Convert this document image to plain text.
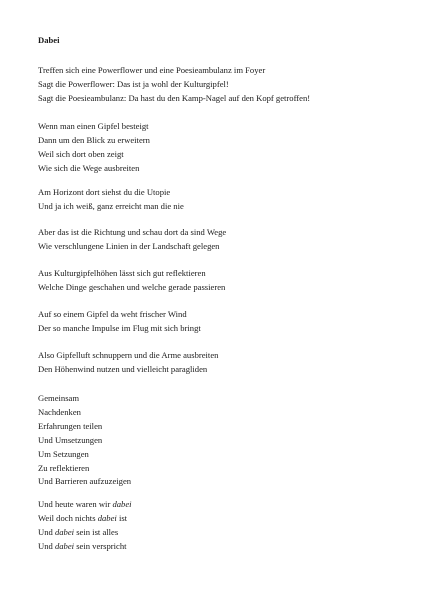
Dabei
Treffen sich eine Powerflower und eine Poesieambulanz im Foyer
Sagt die Powerflower: Das ist ja wohl der Kulturgipfel!
Sagt die Poesieambulanz: Da hast du den Kamp-Nagel auf den Kopf getroffen!
Wenn man einen Gipfel besteigt
Dann um den Blick zu erweitern
Weil sich dort oben zeigt
Wie sich die Wege ausbreiten
Am Horizont dort siehst du die Utopie
Und ja ich weiß, ganz erreicht man die nie
Aber das ist die Richtung und schau dort da sind Wege
Wie verschlungene Linien in der Landschaft gelegen
Aus Kulturgipfelhöhen lässt sich gut reflektieren
Welche Dinge geschahen und welche gerade passieren
Auf so einem Gipfel da weht frischer Wind
Der so manche Impulse im Flug mit sich bringt
Also Gipfelluft schnuppern und die Arme ausbreiten
Den Höhenwind nutzen und vielleicht paragliden
Gemeinsam
Nachdenken
Erfahrungen teilen
Und Umsetzungen
Um Setzungen
Zu reflektieren
Und Barrieren aufzuzeigen
Und heute waren wir dabei
Weil doch nichts dabei ist
Und dabei sein ist alles
Und dabei sein verspricht
